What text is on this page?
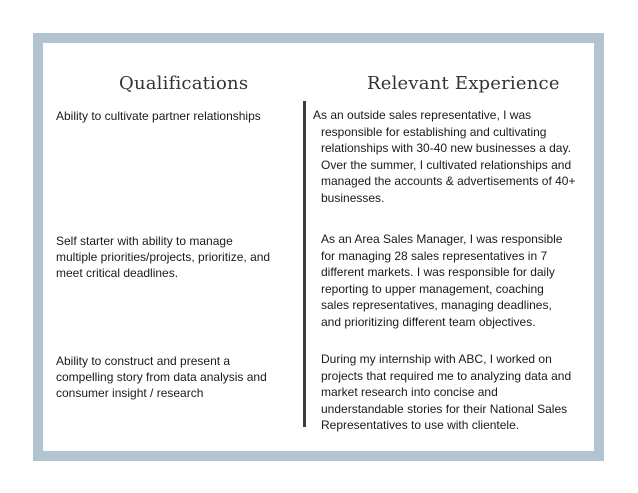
Qualifications	Relevant Experience
Ability to cultivate partner relationships	As an outside sales representative, I was
responsible for establishing and cultivating
relationships with 30-40 new businesses a day.
Over the summer, I cultivated relationships and
managed the accounts & advertisements of 40+
businesses.
Self starter with ability to manage
multiple priorities/projects, prioritize, and
meet critical deadlines.
As an Area Sales Manager, I was responsible
for managing 28 sales representatives in 7
different markets. I was responsible for daily
reporting to upper management, coaching
sales representatives, managing deadlines,
and prioritizing different team objectives.
Ability to construct and present a
compelling story from data analysis and
consumer insight / research
During my internship with ABC, I worked on
projects that required me to analyzing data and
market research into concise and
understandable stories for their National Sales
Representatives to use with clientele.
